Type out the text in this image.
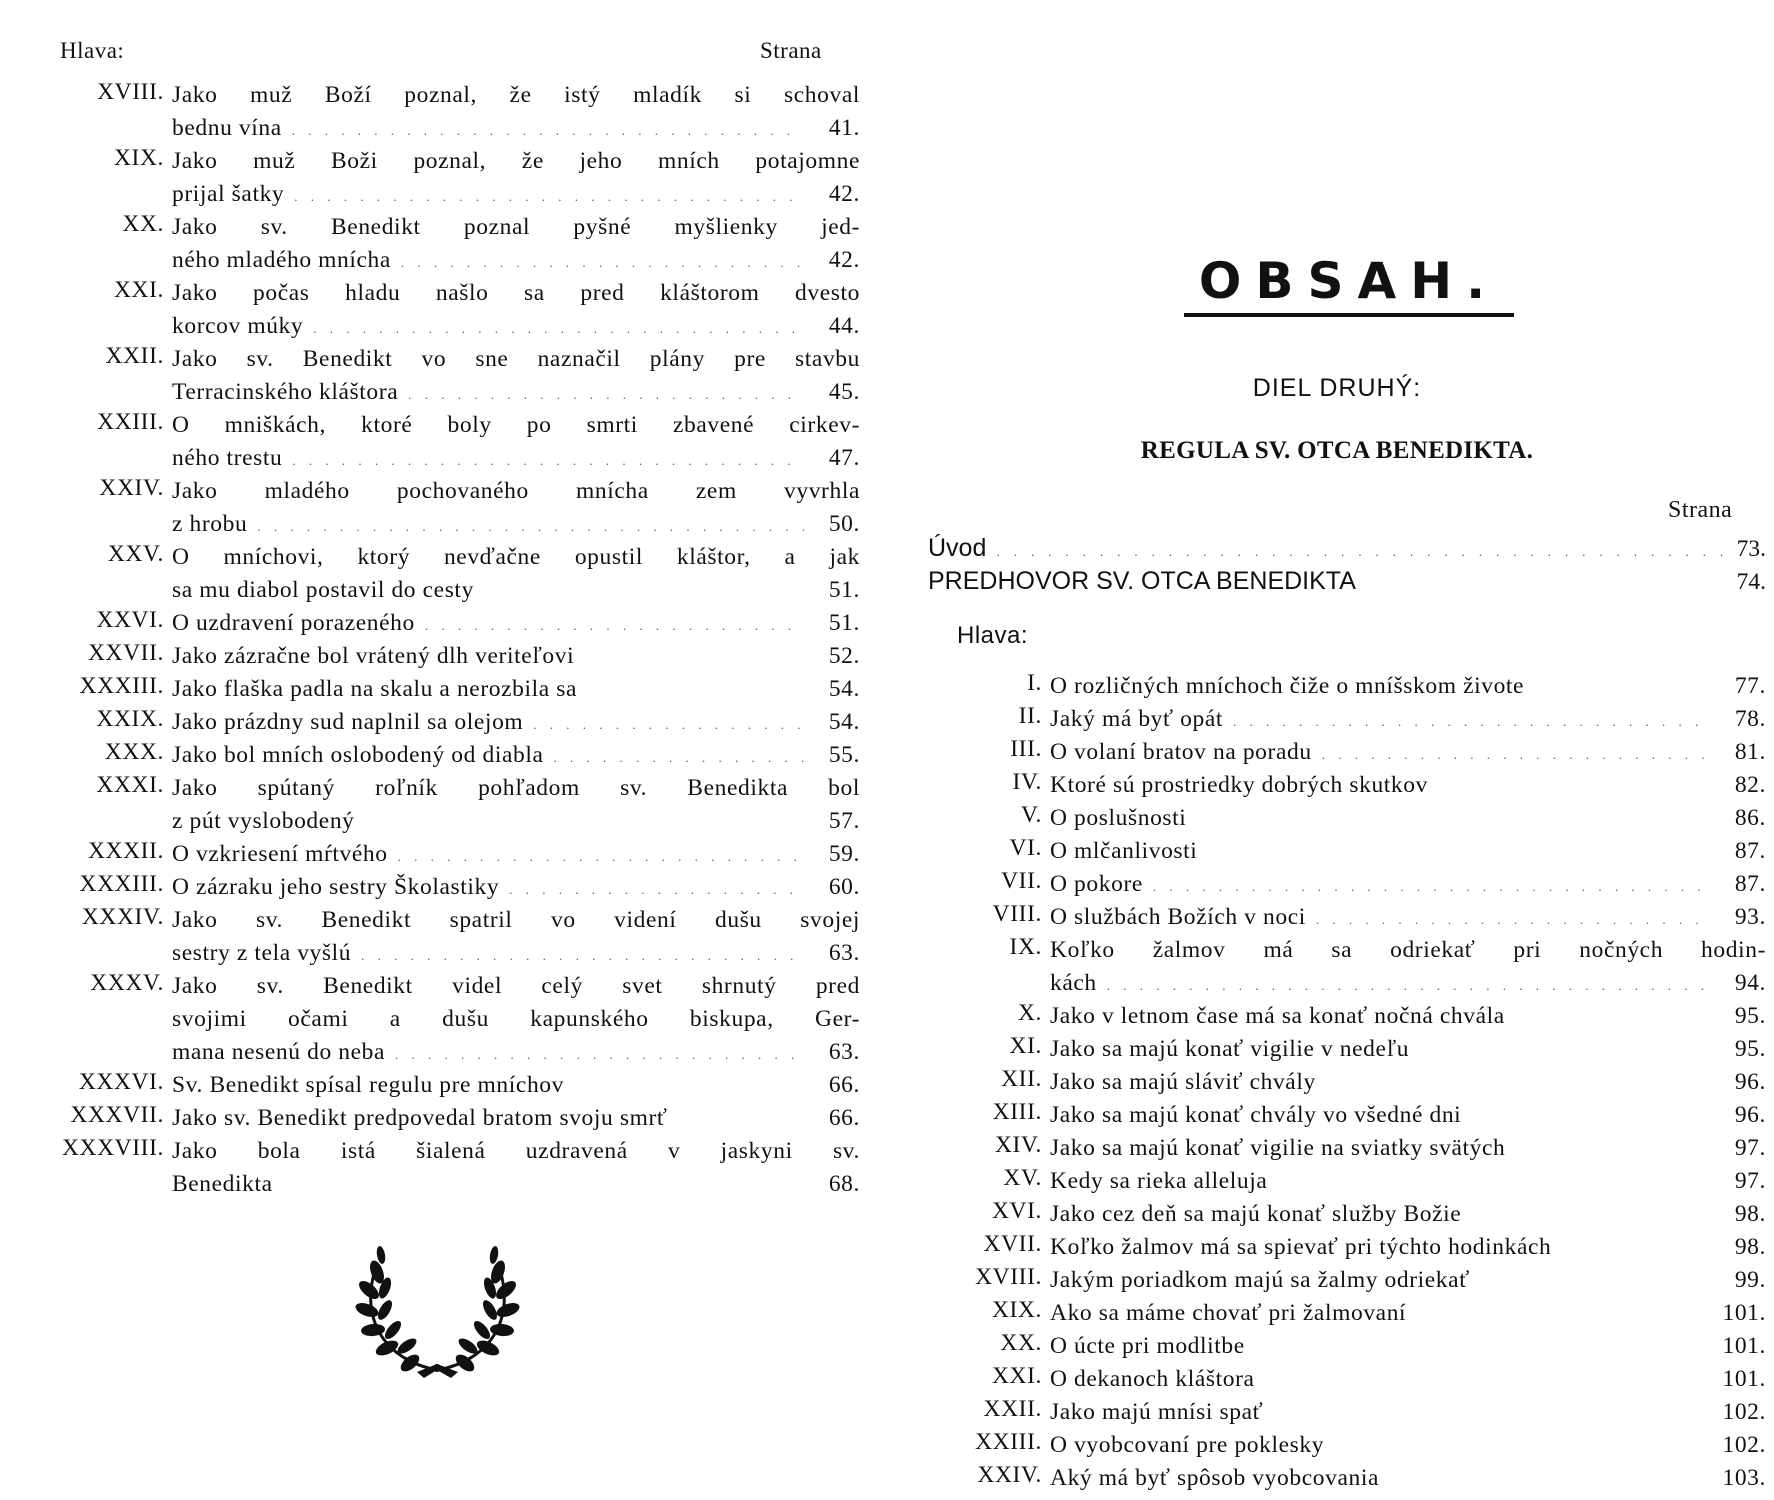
Hlava:	Strana
XVIII. Jako muž Boží poznal, že istý mladík si schoval
bednu vína . . .	41.
XIX. Jako muž Boži poznal, že jeho mních potajomne
prijal šatky . . .	42.
XX. Jako sv. Benedikt poznal pyšné myšlienky jed-
ného mladého mnícha . . .	42.
XXI. Jako počas hladu našlo sa pred kláštorom dvesto
korcov múky . . .	44.
XXII. Jako sv. Benedikt vo sne naznačil plány pre stavbu
Terracinského kláštora . . .	45.
XXIII. O mniškách, ktoré boly po smrti zbavené cirkev-
ného trestu . . .	47.
XXIV. Jako mladého pochovaného mnícha zem vyvrhla
z hrobu . . .	50.
XXV. O mníchovi, ktorý nevďačne opustil kláštor, a jak
sa mu diabol postavil do cesty	51.
XXVI. O uzdravení porazeného . . .	51.
XXVII. Jako zázračne bol vrátený dlh veriteľovi	52.
XXXIII. Jako flaška padla na skalu a nerozbila sa	54.
XXIX. Jako prázdny sud naplnil sa olejom . . .	54.
XXX. Jako bol mních oslobodený od diabla . . .	55.
XXXI. Jako spútaný roľník pohľadom sv. Benedikta bol
z pút vyslobodený	57.
XXXII. O vzkriesení mŕtvého . . .	59.
XXXIII. O zázraku jeho sestry Školastiky . . .	60.
XXXIV. Jako sv. Benedikt spatril vo videní dušu svojej
sestry z tela vyšlú . . .	63.
XXXV. Jako sv. Benedikt videl celý svet shrnutý pred
svojimi očami a dušu kapunského biskupa, Ger-
mana nesenú do neba . . .	63.
XXXVI. Sv. Benedikt spísal regulu pre mníchov	66.
XXXVII. Jako sv. Benedikt predpovedal bratom svoju smrť	66.
XXXVIII. Jako bola istá šialená uzdravená v jaskyni sv.
Benedikta	68.
OBSAH.
DIEL DRUHÝ:
REGULA SV. OTCA BENEDIKTA.
Strana
Úvod . . .	73.
PREDHOVOR SV. OTCA BENEDIKTA	74.
Hlava:
I. O rozličných mníchoch čiže o mníšskom živote	77.
II. Jaký má byť opát . . .	78.
III. O volaní bratov na poradu . . .	81.
IV. Ktoré sú prostriedky dobrých skutkov	82.
V. O poslušnosti	86.
VI. O mlčanlivosti	87.
VII. O pokore . . .	87.
VIII. O službách Božích v noci . . .	93.
IX. Koľko žalmov má sa odriekať pri nočných hodin-
kách . . .	94.
X. Jako v letnom čase má sa konať nočná chvála	95.
XI. Jako sa majú konať vigilie v nedeľu	95.
XII. Jako sa majú sláviť chvály	96.
XIII. Jako sa majú konať chvály vo všedné dni	96.
XIV. Jako sa majú konať vigilie na sviatky svätých	97.
XV. Kedy sa rieka alleluja	97.
XVI. Jako cez deň sa majú konať služby Božie	98.
XVII. Koľko žalmov má sa spievať pri týchto hodinkách	98.
XVIII. Jakým poriadkom majú sa žalmy odriekať	99.
XIX. Ako sa máme chovať pri žalmovaní	101.
XX. O úcte pri modlitbe	101.
XXI. O dekanoch kláštora	101.
XXII. Jako majú mnísi spať	102.
XXIII. O vyobcovaní pre poklesky	102.
XXIV. Aký má byť spôsob vyobcovania	103.
